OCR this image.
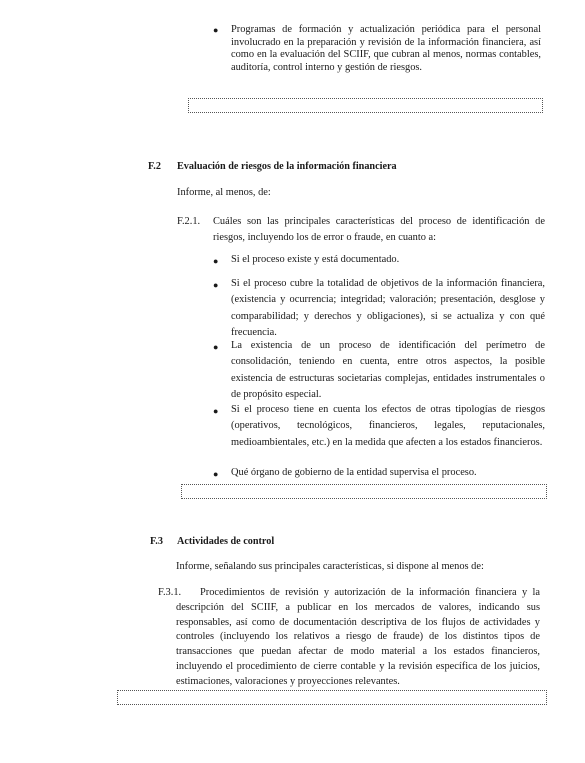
● Programas de formación y actualización periódica para el personal involucrado en la preparación y revisión de la información financiera, así como en la evaluación del SCIIF, que cubran al menos, normas contables, auditoría, control interno y gestión de riesgos.
F.2 Evaluación de riesgos de la información financiera
Informe, al menos, de:
F.2.1. Cuáles son las principales características del proceso de identificación de riesgos, incluyendo los de error o fraude, en cuanto a:
● Si el proceso existe y está documentado.
● Si el proceso cubre la totalidad de objetivos de la información financiera, (existencia y ocurrencia; integridad; valoración; presentación, desglose y comparabilidad; y derechos y obligaciones), si se actualiza y con qué frecuencia.
● La existencia de un proceso de identificación del perímetro de consolidación, teniendo en cuenta, entre otros aspectos, la posible existencia de estructuras societarias complejas, entidades instrumentales o de propósito especial.
● Si el proceso tiene en cuenta los efectos de otras tipologías de riesgos (operativos, tecnológicos, financieros, legales, reputacionales, medioambientales, etc.) en la medida que afecten a los estados financieros.
● Qué órgano de gobierno de la entidad supervisa el proceso.
F.3 Actividades de control
Informe, señalando sus principales características, si dispone al menos de:
F.3.1.	Procedimientos de revisión y autorización de la información financiera y la descripción del SCIIF, a publicar en los mercados de valores, indicando sus responsables, así como de documentación descriptiva de los flujos de actividades y controles (incluyendo los relativos a riesgo de fraude) de los distintos tipos de transacciones que puedan afectar de modo material a los estados financieros, incluyendo el procedimiento de cierre contable y la revisión específica de los juicios, estimaciones, valoraciones y proyecciones relevantes.
